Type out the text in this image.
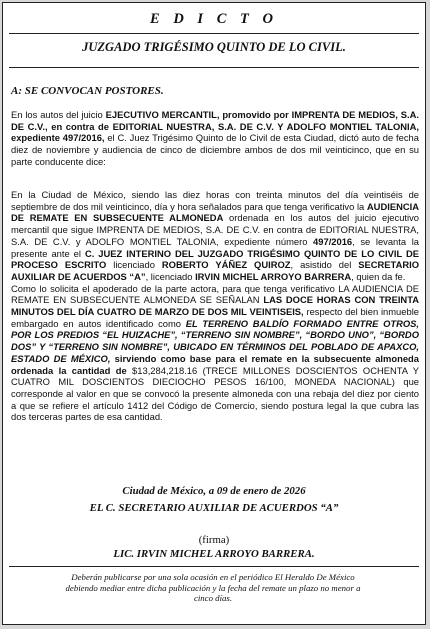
E D I C T O
JUZGADO TRIGÉSIMO QUINTO DE LO CIVIL.
A: SE CONVOCAN POSTORES.

En los autos del juicio EJECUTIVO MERCANTIL, promovido por IMPRENTA DE MEDIOS, S.A. DE C.V., en contra de EDITORIAL NUESTRA, S.A. DE C.V. Y ADOLFO MONTIEL TALONIA, expediente 497/2016, el C. Juez Trigésimo Quinto de lo Civil de esta Ciudad, dictó auto de fecha diez de noviembre y audiencia de cinco de diciembre ambos de dos mil veinticinco, que en su parte conducente dice:

En la Ciudad de México, siendo las diez horas con treinta minutos del día veintiséis de septiembre de dos mil veinticinco, día y hora señalados para que tenga verificativo la AUDIENCIA DE REMATE EN SUBSECUENTE ALMONEDA ordenada en los autos del juicio ejecutivo mercantil que sigue IMPRENTA DE MEDIOS, S.A. DE C.V. en contra de EDITORIAL NUESTRA, S.A. DE C.V. y ADOLFO MONTIEL TALONIA, expediente número 497/2016, se levanta la presente ante el C. JUEZ INTERINO DEL JUZGADO TRIGÉSIMO QUINTO DE LO CIVIL DE PROCESO ESCRITO licenciado ROBERTO YÁÑEZ QUIROZ, asistido del SECRETARIO AUXILIAR DE ACUERDOS “A”, licenciado IRVIN MICHEL ARROYO BARRERA, quien da fe.

Como lo solicita el apoderado de la parte actora, para que tenga verificativo LA AUDIENCIA DE REMATE EN SUBSECUENTE ALMONEDA SE SEÑALAN LAS DOCE HORAS CON TREINTA MINUTOS DEL DÍA CUATRO DE MARZO DE DOS MIL VEINTISEIS, respecto del bien inmueble embargado en autos identificado como EL TERRENO BALDÍO FORMADO ENTRE OTROS, POR LOS PREDIOS “EL HUIZACHE”, “TERRENO SIN NOMBRE”, “BORDO UNO”, “BORDO DOS” Y “TERRENO SIN NOMBRE”, UBICADO EN TÉRMINOS DEL POBLADO DE APAXCO, ESTADO DE MÉXICO, sirviendo como base para el remate en la subsecuente almoneda ordenada la cantidad de $13,284,218.16 (TRECE MILLONES DOSCIENTOS OCHENTA Y CUATRO MIL DOSCIENTOS DIECIOCHO PESOS 16/100, MONEDA NACIONAL) que corresponde al valor en que se convocó la presente almoneda con una rebaja del diez por ciento a que se refiere el artículo 1412 del Código de Comercio, siendo postura legal la que cubra las dos terceras partes de esa cantidad.

Ciudad de México, a 09 de enero de 2026
EL C. SECRETARIO AUXILIAR DE ACUERDOS “A”
(firma)
LIC. IRVIN MICHEL ARROYO BARRERA.
Deberán publicarse por una sola ocasión en el periódico El Heraldo De México debiendo mediar entre dicha publicación y la fecha del remate un plazo no menor a cinco días.
